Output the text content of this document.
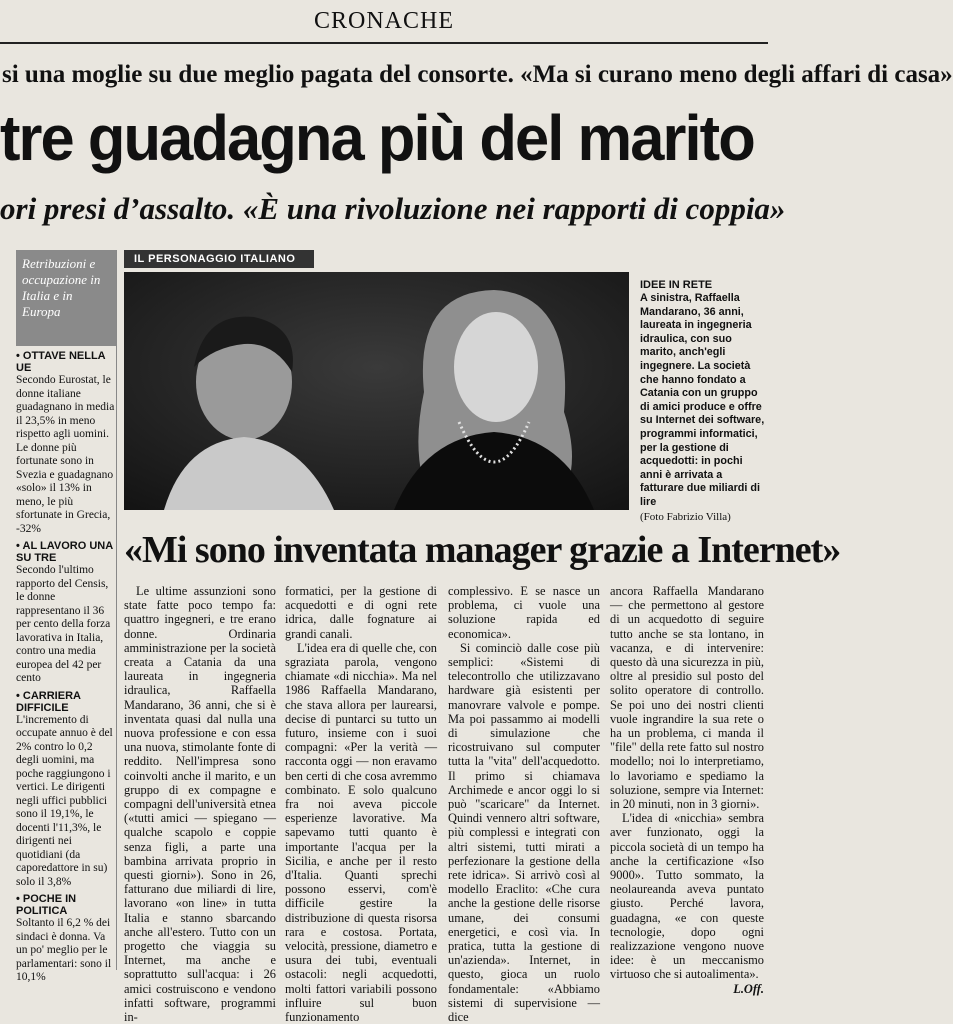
CRONACHE
si una moglie su due meglio pagata del consorte. «Ma si curano meno degli affari di casa»
tre guadagna più del marito
ori presi d’assalto. «È una rivoluzione nei rapporti di coppia»
Retribuzioni e occupazione in Italia e in Europa
• OTTAVE NELLA UE
Secondo Eurostat, le donne italiane guadagnano in media il 23,5% in meno rispetto agli uomini. Le donne più fortunate sono in Svezia e guadagnano «solo» il 13% in meno, le più sfortunate in Grecia, -32%
• AL LAVORO UNA SU TRE
Secondo l'ultimo rapporto del Censis, le donne rappresentano il 36 per cento della forza lavorativa in Italia, contro una media europea del 42 per cento
• CARRIERA DIFFICILE
L'incremento di occupate annuo è del 2% contro lo 0,2 degli uomini, ma poche raggiungono i vertici. Le dirigenti negli uffici pubblici sono il 19,1%, le docenti l'11,3%, le dirigenti nei quotidiani (da caporedattore in su) solo il 3,8%
• POCHE IN POLITICA
Soltanto il 6,2 % dei sindaci è donna. Va un po' meglio per le parlamentari: sono il 10,1%
IL PERSONAGGIO ITALIANO
IDEE IN RETE
A sinistra, Raffaella Mandarano, 36 anni, laureata in ingegneria idraulica, con suo marito, anch'egli ingegnere. La società che hanno fondato a Catania con un gruppo di amici produce e offre su Internet dei software, programmi informatici, per la gestione di acquedotti: in pochi anni è arrivata a fatturare due miliardi di lire
(Foto Fabrizio Villa)
«Mi sono inventata manager grazie a Internet»

Le ultime assunzioni sono state fatte poco tempo fa: quattro ingegneri, e tre erano donne. Ordinaria amministrazione per la società creata a Catania da una laureata in ingegneria idraulica, Raffaella Mandarano, 36 anni, che si è inventata quasi dal nulla una nuova professione e con essa una nuova, stimolante fonte di reddito. Nell'impresa sono coinvolti anche il marito, e un gruppo di ex compagne e compagni dell'università etnea («tutti amici — spiegano — qualche scapolo e coppie senza figli, a parte una bambina arrivata proprio in questi giorni»). Sono in 26, fatturano due miliardi di lire, lavorano «on line» in tutta Italia e stanno sbarcando anche all'estero. Tutto con un progetto che viaggia su Internet, ma anche e soprattutto sull'acqua: i 26 amici costruiscono e vendono infatti software, programmi in-

formatici, per la gestione di acquedotti e di ogni rete idrica, dalle fognature ai grandi canali.

L'idea era di quelle che, con sgraziata parola, vengono chiamate «di nicchia». Ma nel 1986 Raffaella Mandarano, che stava allora per laurearsi, decise di puntarci su tutto un futuro, insieme con i suoi compagni: «Per la verità — racconta oggi — non eravamo ben certi di che cosa avremmo combinato. E solo qualcuno fra noi aveva piccole esperienze lavorative. Ma sapevamo tutti quanto è importante l'acqua per la Sicilia, e anche per il resto d'Italia. Quanti sprechi possono esservi, com'è difficile gestire la distribuzione di questa risorsa rara e costosa. Portata, velocità, pressione, diametro e usura dei tubi, eventuali ostacoli: negli acquedotti, molti fattori variabili possono influire sul buon funzionamento

complessivo. E se nasce un problema, ci vuole una soluzione rapida ed economica».

Si cominciò dalle cose più semplici: «Sistemi di telecontrollo che utilizzavano hardware già esistenti per manovrare valvole e pompe. Ma poi passammo ai modelli di simulazione che ricostruivano sul computer tutta la "vita" dell'acquedotto. Il primo si chiamava Archimede e ancor oggi lo si può "scaricare" da Internet. Quindi vennero altri software, più complessi e integrati con altri sistemi, tutti mirati a perfezionare la gestione della rete idrica». Si arrivò così al modello Eraclito: «Che cura anche la gestione delle risorse umane, dei consumi energetici, e così via. In pratica, tutta la gestione di un'azienda». Internet, in questo, gioca un ruolo fondamentale: «Abbiamo sistemi di supervisione — dice

ancora Raffaella Mandarano — che permettono al gestore di un acquedotto di seguire tutto anche se sta lontano, in vacanza, e di intervenire: questo dà una sicurezza in più, oltre al presidio sul posto del solito operatore di controllo. Se poi uno dei nostri clienti vuole ingrandire la sua rete o ha un problema, ci manda il "file" della rete fatto sul nostro modello; noi lo interpretiamo, lo lavoriamo e spediamo la soluzione, sempre via Internet: in 20 minuti, non in 3 giorni».

L'idea di «nicchia» sembra aver funzionato, oggi la piccola società di un tempo ha anche la certificazione «Iso 9000». Tutto sommato, la neolaureanda aveva puntato giusto. Perché lavora, guadagna, «e con queste tecnologie, dopo ogni realizzazione vengono nuove idee: è un meccanismo virtuoso che si autoalimenta».

L.Off.
